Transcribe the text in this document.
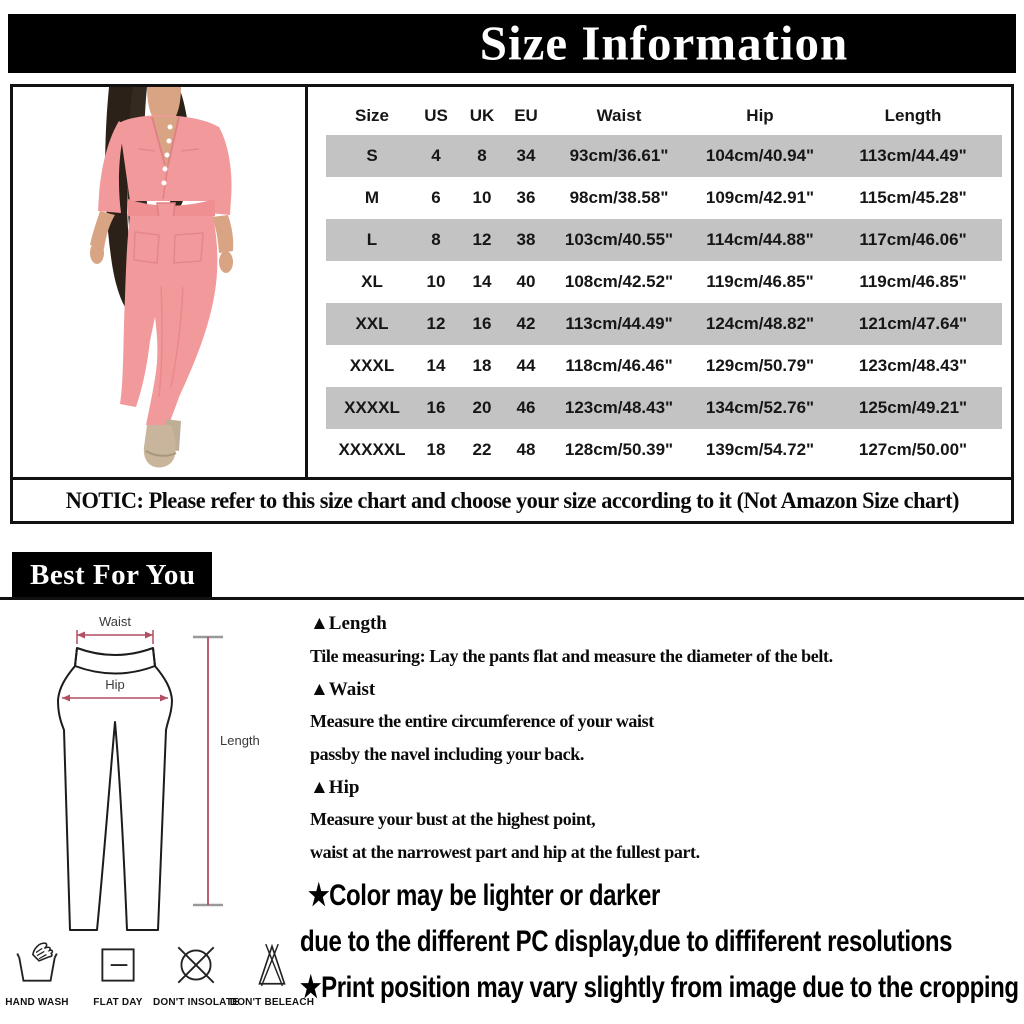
Size Information
Size	US	UK	EU	Waist	Hip	Length
S	4	8	34	93cm/36.61"	104cm/40.94"	113cm/44.49"
M	6	10	36	98cm/38.58"	109cm/42.91"	115cm/45.28"
L	8	12	38	103cm/40.55"	114cm/44.88"	117cm/46.06"
XL	10	14	40	108cm/42.52"	119cm/46.85"	119cm/46.85"
XXL	12	16	42	113cm/44.49"	124cm/48.82"	121cm/47.64"
XXXL	14	18	44	118cm/46.46"	129cm/50.79"	123cm/48.43"
XXXXL	16	20	46	123cm/48.43"	134cm/52.76"	125cm/49.21"
XXXXXL	18	22	48	128cm/50.39"	139cm/54.72"	127cm/50.00"
NOTIC: Please refer to this size chart and choose your size according to it (Not Amazon Size chart)
Best For You
Waist
Hip
Length
▲Length
Tile measuring: Lay the pants flat and measure the diameter of the belt.
▲Waist
Measure the entire circumference of your waist
passby the navel including your back.
▲Hip
Measure your bust at the highest point,
waist at the narrowest part and hip at the fullest part.
★Color may be lighter or darker
due to the different PC display,due to diffiferent resolutions
★Print position may vary slightly from image due to the cropping
HAND WASH FLAT DAY DON'T INSOLATE
DON'T BELEACH
